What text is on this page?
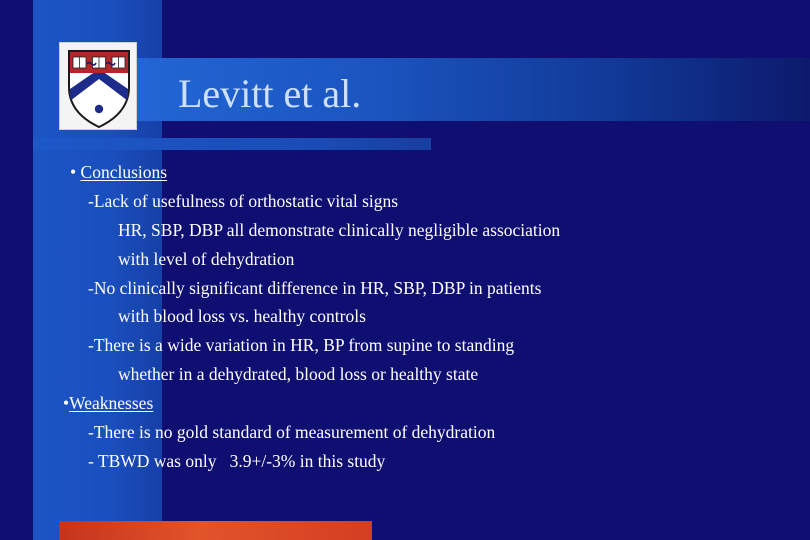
Levitt et al.
• Conclusions
-Lack of usefulness of orthostatic vital signs
HR, SBP, DBP all demonstrate clinically negligible association
with level of dehydration
-No clinically significant difference in HR, SBP, DBP in patients
with blood loss vs. healthy controls
-There is a wide variation in HR, BP from supine to standing
whether in a dehydrated, blood loss or healthy state
•Weaknesses
-There is no gold standard of measurement of dehydration
- TBWD was only   3.9+/-3% in this study
